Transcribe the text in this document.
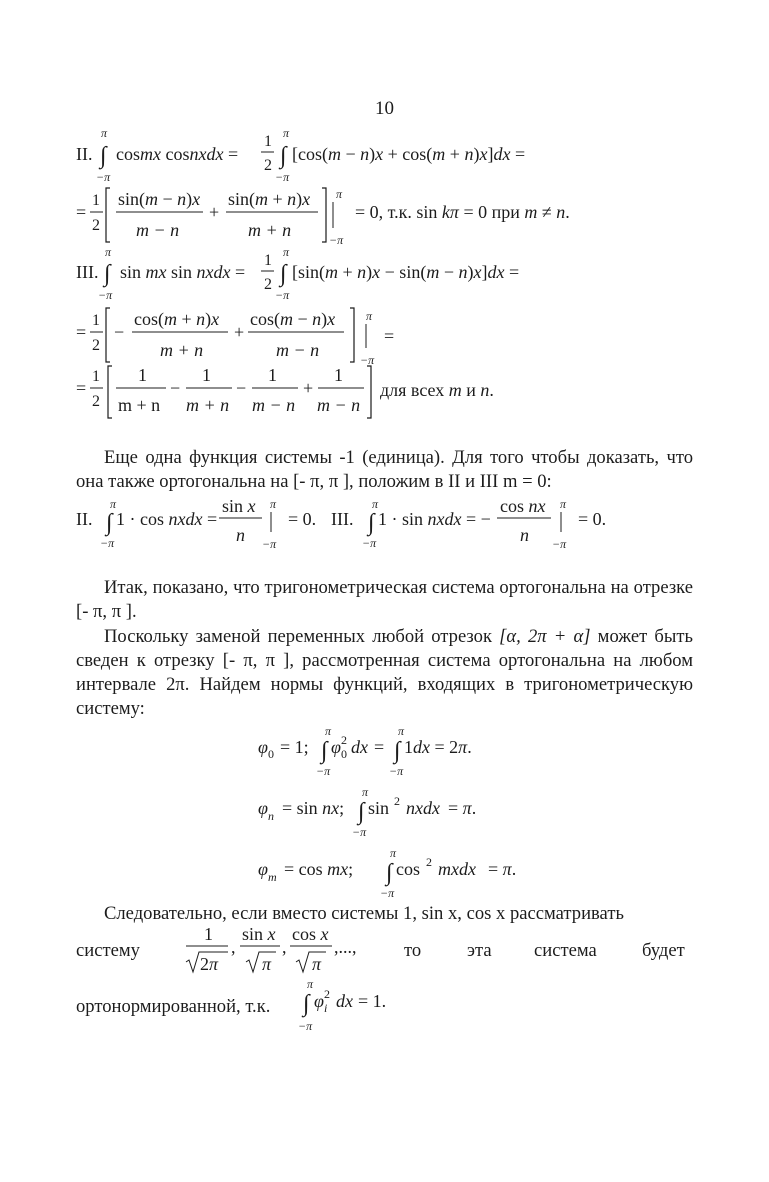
10
II.
π
∫
−π
cosmx cosnxdx =
1
2
π
∫
−π
[cos(m − n)x + cos(m + n)x]dx =
=
1
2
sin(m − n)x
m − n
+
sin(m + n)x
m + n
π
−π
= 0, т.к. sin kπ = 0 при m ≠ n.
III.
π
∫
−π
sin mx sin nxdx =
1
2
π
∫
−π
[sin(m + n)x − sin(m − n)x]dx =
=
1
2
−
cos(m + n)x
m + n
+
cos(m − n)x
m − n
π
−π
=
=
1
2
1
m + n
−
1
m + n
−
1
m − n
+
1
m − n
для всех m и n.

Еще одна функция системы -1 (единица). Для того чтобы доказать, что она также ортогональна на [- π, π ], положим в II и III m = 0:

II.
π
∫
−π
1 · cos nxdx =
sin x
n
π
−π
= 0. III.
π
∫
−π
1 · sin nxdx = −
cos nx
n
π
−π
= 0.

Итак, показано, что тригонометрическая система ортогональна на отрезке [- π, π ].

Поскольку заменой переменных любой отрезок [α, 2π + α] может быть сведен к отрезку [- π, π ], рассмотренная система ортогональна на любом интервале 2π. Найдем нормы функций, входящих в тригонометрическую систему:

φ 0 = 1;
π
∫
−π
φ 2
0 dx =
π
∫
−π
1dx = 2π.
φ n = sin nx;
π
∫
−π
sin 2 nxdx = π.
φ m = cos mx;
π
∫
−π
cos 2 mxdx = π.

Следовательно, если вместо системы 1, sin x, cos x рассматривать

систему	то эта система будет
1
2π
,
sin x
π
,
cos x
π
,...,
ортонормированной, т.к.
π
∫
−π
φ 2
i dx = 1.
